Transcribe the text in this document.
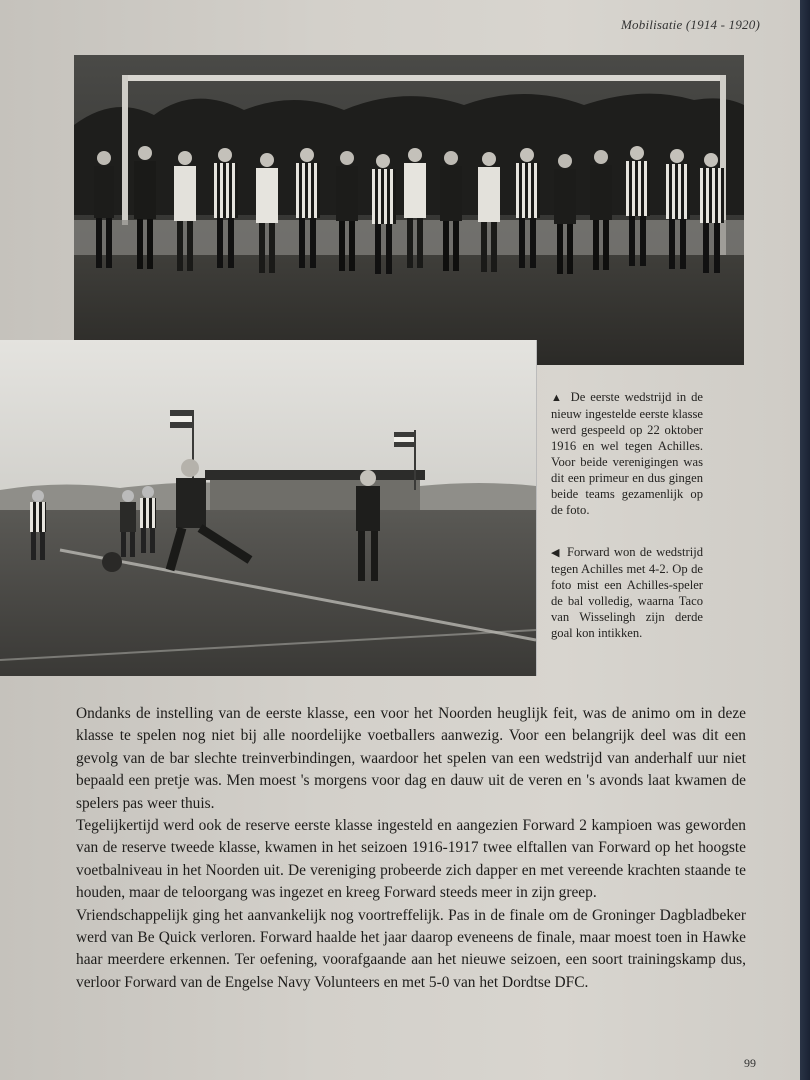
Mobilisatie (1914 - 1920)
▲ De eerste wedstrijd in de nieuw ingestelde eerste klasse werd gespeeld op 22 oktober 1916 en wel tegen Achilles. Voor beide verenigingen was dit een primeur en dus gingen beide teams gezamenlijk op de foto.
◀ Forward won de wedstrijd tegen Achilles met 4-2. Op de foto mist een Achilles-speler de bal volledig, waarna Taco van Wisselingh zijn derde goal kon intikken.

Ondanks de instelling van de eerste klasse, een voor het Noorden heuglijk feit, was de animo om in deze klasse te spelen nog niet bij alle noordelijke voetballers aanwezig. Voor een belangrijk deel was dit een gevolg van de bar slechte treinverbindingen, waardoor het spelen van een wedstrijd van anderhalf uur niet bepaald een pretje was. Men moest 's morgens voor dag en dauw uit de veren en 's avonds laat kwamen de spelers pas weer thuis.

Tegelijkertijd werd ook de reserve eerste klasse ingesteld en aangezien Forward 2 kampioen was geworden van de reserve tweede klasse, kwamen in het seizoen 1916-1917 twee elftallen van Forward op het hoogste voetbalniveau in het Noorden uit. De vereniging probeerde zich dapper en met vereende krachten staande te houden, maar de teloorgang was ingezet en kreeg Forward steeds meer in zijn greep.

Vriendschappelijk ging het aanvankelijk nog voortreffelijk. Pas in de finale om de Groninger Dagbladbeker werd van Be Quick verloren. Forward haalde het jaar daarop eveneens de finale, maar moest toen in Hawke haar meerdere erkennen. Ter oefening, voorafgaande aan het nieuwe seizoen, een soort trainingskamp dus, verloor Forward van de Engelse Navy Volunteers en met 5-0 van het Dordtse DFC.

99
